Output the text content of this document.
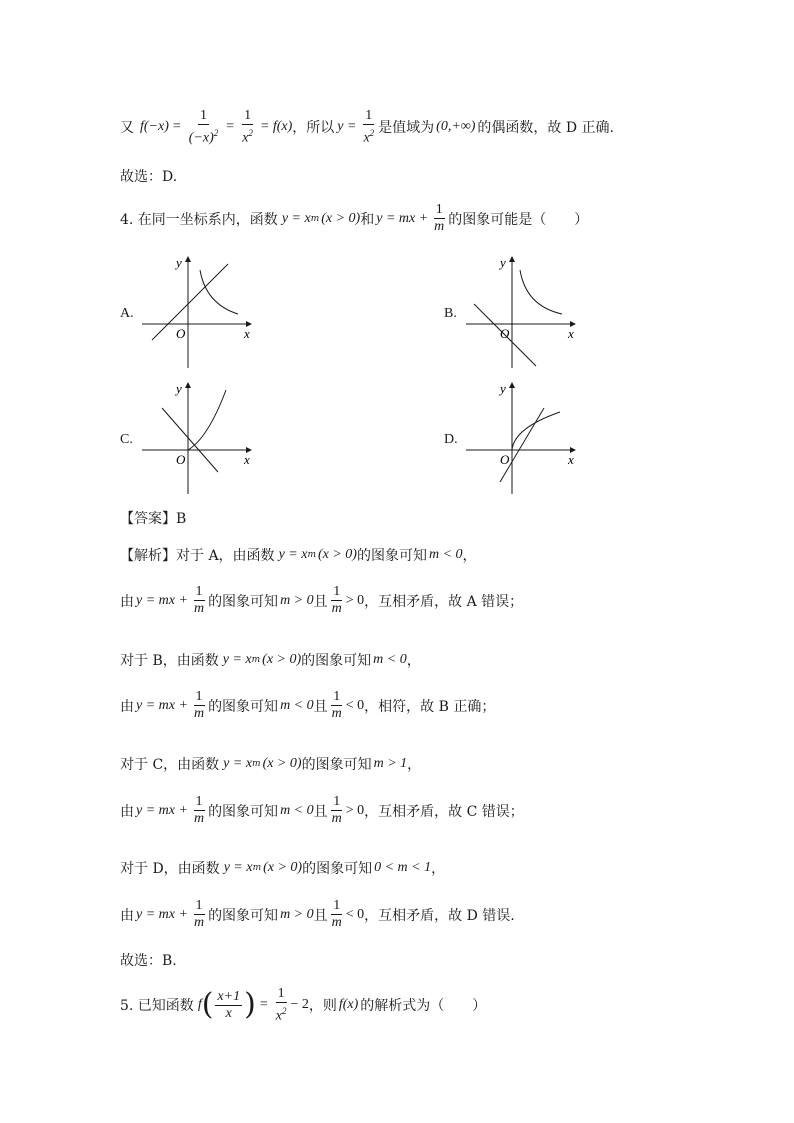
又 f $(-x) = \frac{1}{(-x)^2} = \frac{1}{x^2} = f(x)$ ，所以 $y = \frac{1}{x^2}$ 是值域为 (0,+∞) 的偶函数，故 D 正确.
故选：D.
4. 在同一坐标系内，函数 y = x m (x > 0) 和 y = mx + $\frac{1}{m}$ 的图象可能是（　　）
A.	B.
C.	D.
x
y
O	x
y
O
x
y
O	x
y
O
【答案】B
【解析】对于 A，由函数 y = x m (x > 0) 的图象可知 m < 0 ，
由 y = mx + $\frac{1}{m}$ 的图象可知 m > 0 且 $\frac{1}{m} > 0$ ，互相矛盾，故 A 错误；
对于 B，由函数 y = x m (x > 0) 的图象可知 m < 0 ，
由 y = mx + $\frac{1}{m}$ 的图象可知 m < 0 且 $\frac{1}{m} < 0$ ，相符，故 B 正确；
对于 C，由函数 y = x m (x > 0) 的图象可知 m > 1 ，
由 y = mx + $\frac{1}{m}$ 的图象可知 m < 0 且 $\frac{1}{m} > 0$ ，互相矛盾，故 C 错误；
对于 D，由函数 y = x m (x > 0) 的图象可知 0 < m < 1 ，
由 y = mx + $\frac{1}{m}$ 的图象可知 m > 0 且 $\frac{1}{m} < 0$ ，互相矛盾，故 D 错误.
故选：B.
5. 已知函数 f ( $\frac{x+1}{x}$ ) = $\frac{1}{x^2} - 2$ ，则 f(x) 的解析式为（　　）
